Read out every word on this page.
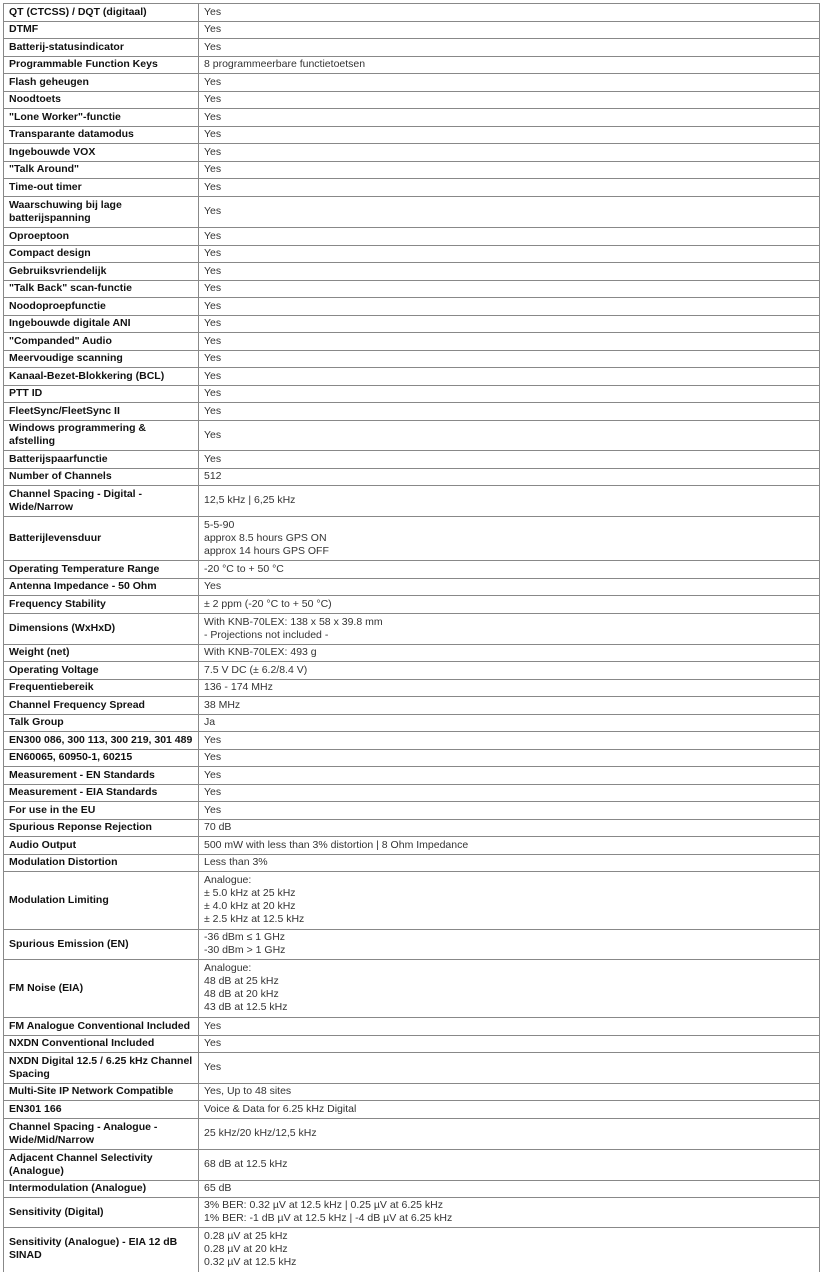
QT (CTCSS) / DQT (digitaal)	Yes
DTMF	Yes
Batterij-statusindicator	Yes
Programmable Function Keys	8 programmeerbare functietoetsen
Flash geheugen	Yes
Noodtoets	Yes
"Lone Worker"-functie	Yes
Transparante datamodus	Yes
Ingebouwde VOX	Yes
"Talk Around"	Yes
Time-out timer	Yes
Waarschuwing bij lage batterijspanning	Yes
Oproeptoon	Yes
Compact design	Yes
Gebruiksvriendelijk	Yes
"Talk Back" scan-functie	Yes
Noodoproepfunctie	Yes
Ingebouwde digitale ANI	Yes
"Companded" Audio	Yes
Meervoudige scanning	Yes
Kanaal-Bezet-Blokkering (BCL)	Yes
PTT ID	Yes
FleetSync/FleetSync II	Yes
Windows programmering & afstelling	Yes
Batterijspaarfunctie	Yes
Number of Channels	512
Channel Spacing - Digital - Wide/Narrow	12,5 kHz | 6,25 kHz
Batterijlevensduur	5-5-90
approx 8.5 hours GPS ON
approx 14 hours GPS OFF
Operating Temperature Range	-20 °C to + 50 °C
Antenna Impedance - 50 Ohm	Yes
Frequency Stability	± 2 ppm (-20 °C to + 50 °C)
Dimensions (WxHxD)	With KNB-70LEX: 138 x 58 x 39.8 mm
- Projections not included -
Weight (net)	With KNB-70LEX: 493 g
Operating Voltage	7.5 V DC (± 6.2/8.4 V)
Frequentiebereik	136 - 174 MHz
Channel Frequency Spread	38 MHz
Talk Group	Ja
EN300 086, 300 113, 300 219, 301 489	Yes
EN60065, 60950-1, 60215	Yes
Measurement - EN Standards	Yes
Measurement - EIA Standards	Yes
For use in the EU	Yes
Spurious Reponse Rejection	70 dB
Audio Output	500 mW with less than 3% distortion | 8 Ohm Impedance
Modulation Distortion	Less than 3%
Modulation Limiting	Analogue:
± 5.0 kHz at 25 kHz
± 4.0 kHz at 20 kHz
± 2.5 kHz at 12.5 kHz
Spurious Emission (EN)	-36 dBm ≤ 1 GHz
-30 dBm > 1 GHz
FM Noise (EIA)	Analogue:
48 dB at 25 kHz
48 dB at 20 kHz
43 dB at 12.5 kHz
FM Analogue Conventional Included	Yes
NXDN Conventional Included	Yes
NXDN Digital 12.5 / 6.25 kHz Channel Spacing	Yes
Multi-Site IP Network Compatible	Yes, Up to 48 sites
EN301 166	Voice & Data for 6.25 kHz Digital
Channel Spacing - Analogue - Wide/Mid/Narrow	25 kHz/20 kHz/12,5 kHz
Adjacent Channel Selectivity (Analogue)	68 dB at 12.5 kHz
Intermodulation (Analogue)	65 dB
Sensitivity (Digital)	3% BER: 0.32 µV at 12.5 kHz | 0.25 µV at 6.25 kHz
1% BER: -1 dB µV at 12.5 kHz | -4 dB µV at 6.25 kHz
Sensitivity (Analogue) - EIA 12 dB SINAD	0.28 µV at 25 kHz
0.28 µV at 20 kHz
0.32 µV at 12.5 kHz
